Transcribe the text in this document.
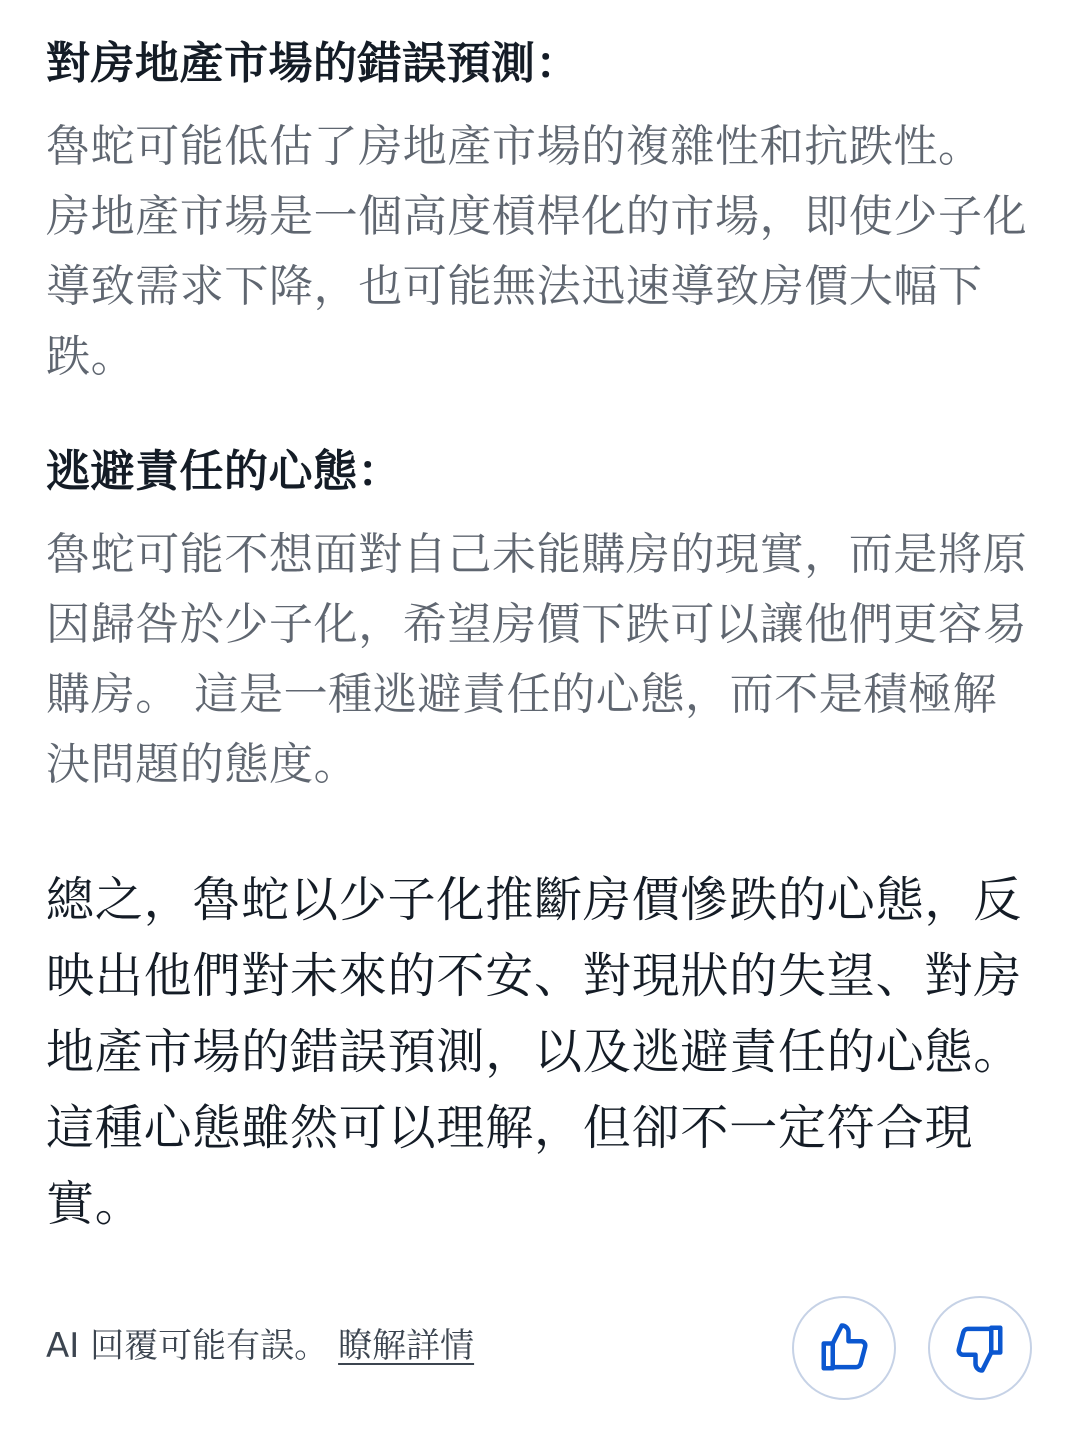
對房地產市場的錯誤預測：

魯蛇可能低估了房地產市場的複雜性和抗跌性。 房地產市場是一個高度槓桿化的市場，即使少子化導致需求下降，也可能無法迅速導致房價大幅下跌。

逃避責任的心態：

魯蛇可能不想面對自己未能購房的現實，而是將原因歸咎於少子化，希望房價下跌可以讓他們更容易購房。 這是一種逃避責任的心態，而不是積極解決問題的態度。

總之，魯蛇以少子化推斷房價慘跌的心態，反映出他們對未來的不安、對現狀的失望、對房地產市場的錯誤預測，以及逃避責任的心態。 這種心態雖然可以理解，但卻不一定符合現實。

AI 回覆可能有誤。 瞭解詳情
